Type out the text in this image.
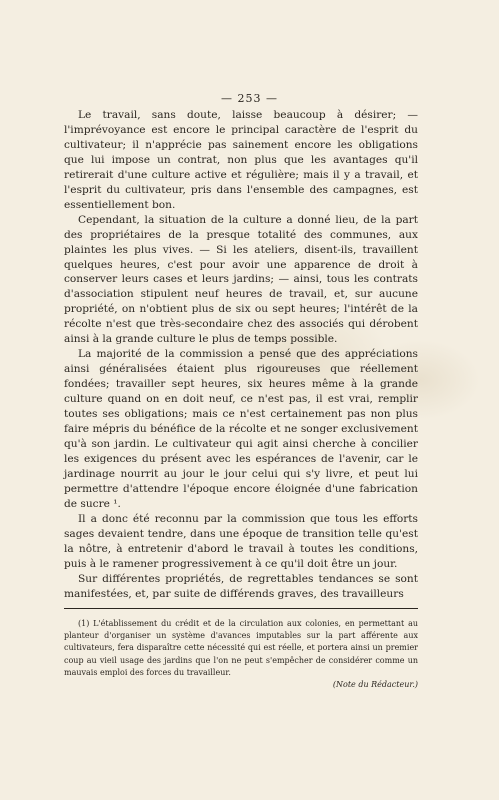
— 253 —

Le travail, sans doute, laisse beaucoup à désirer; — l'imprévoyance est encore le principal caractère de l'esprit du cultivateur; il n'apprécie pas sainement encore les obligations que lui impose un contrat, non plus que les avantages qu'il retirerait d'une culture active et régulière; mais il y a travail, et l'esprit du cultivateur, pris dans l'ensemble des campagnes, est essentiellement bon.

Cependant, la situation de la culture a donné lieu, de la part des propriétaires de la presque totalité des communes, aux plaintes les plus vives. — Si les ateliers, disent-ils, travaillent quelques heures, c'est pour avoir une apparence de droit à conserver leurs cases et leurs jardins; — ainsi, tous les contrats d'association stipulent neuf heures de travail, et, sur aucune propriété, on n'obtient plus de six ou sept heures; l'intérêt de la récolte n'est que très-secondaire chez des associés qui dérobent ainsi à la grande culture le plus de temps possible.

La majorité de la commission a pensé que des appréciations ainsi généralisées étaient plus rigoureuses que réellement fondées; travailler sept heures, six heures même à la grande culture quand on en doit neuf, ce n'est pas, il est vrai, remplir toutes ses obligations; mais ce n'est certainement pas non plus faire mépris du bénéfice de la récolte et ne songer exclusivement qu'à son jardin. Le cultivateur qui agit ainsi cherche à concilier les exigences du présent avec les espérances de l'avenir, car le jardinage nourrit au jour le jour celui qui s'y livre, et peut lui permettre d'attendre l'époque encore éloignée d'une fabrication de sucre ¹.

Il a donc été reconnu par la commission que tous les efforts sages devaient tendre, dans une époque de transition telle qu'est la nôtre, à entretenir d'abord le travail à toutes les conditions, puis à le ramener progressivement à ce qu'il doit être un jour.

Sur différentes propriétés, de regrettables tendances se sont manifestées, et, par suite de différends graves, des travailleurs

(1) L'établissement du crédit et de la circulation aux colonies, en permettant au planteur d'organiser un système d'avances imputables sur la part afférente aux cultivateurs, fera disparaître cette nécessité qui est réelle, et portera ainsi un premier coup au vieil usage des jardins que l'on ne peut s'empêcher de considérer comme un mauvais emploi des forces du travailleur.

(Note du Rédacteur.)
